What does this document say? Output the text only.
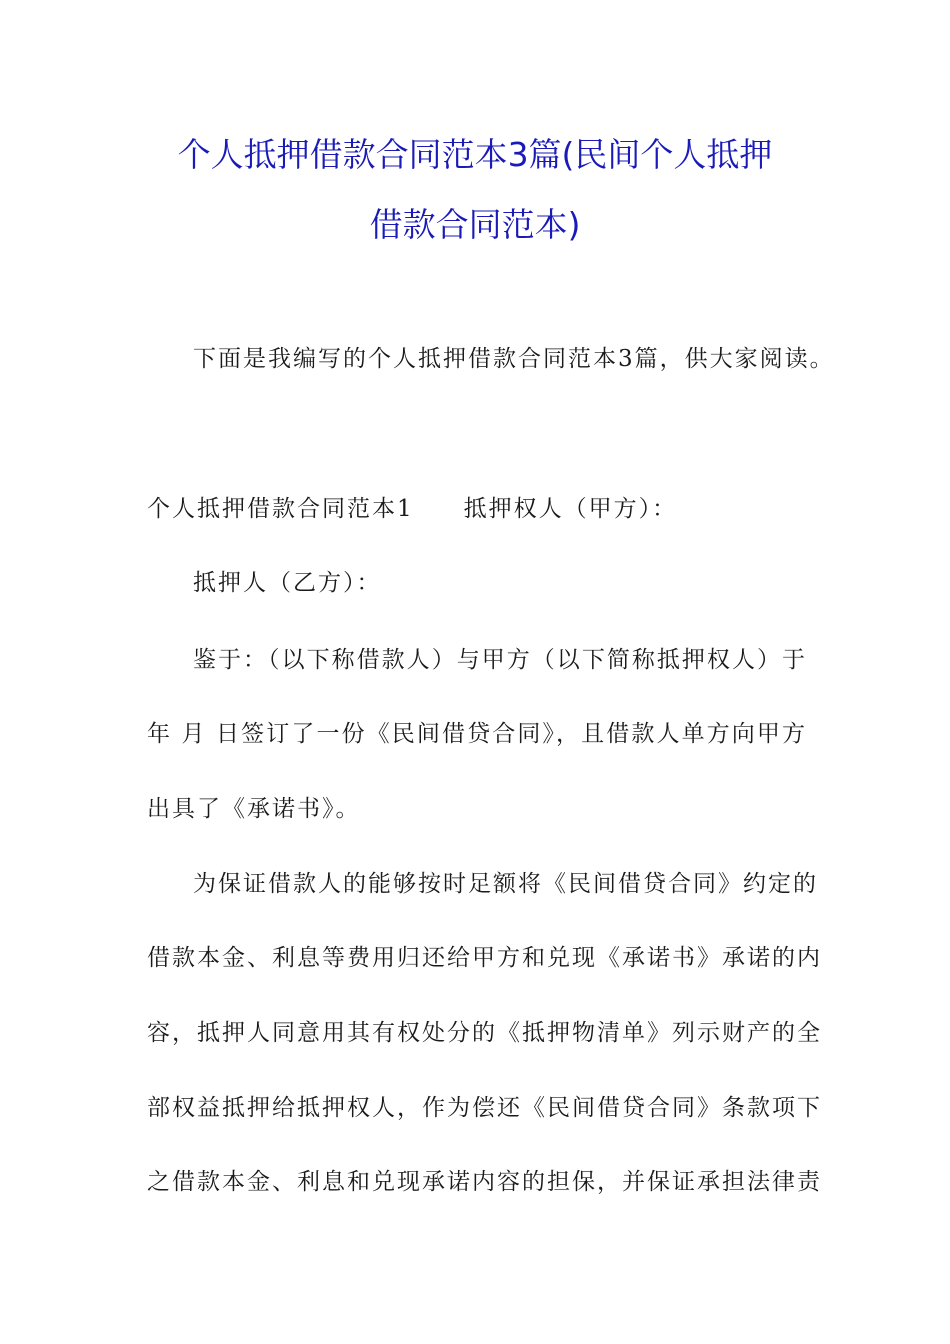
个人抵押借款合同范本3篇(民间个人抵押
借款合同范本)
下面是我编写的个人抵押借款合同范本3篇，供大家阅读。
个人抵押借款合同范本1 抵押权人（甲方）：
抵押人（乙方）：
鉴于：（以下称借款人）与甲方（以下简称抵押权人）于
年 月 日签订了一份《民间借贷合同》，且借款人单方向甲方
出具了《承诺书》。
为保证借款人的能够按时足额将《民间借贷合同》约定的
借款本金、利息等费用归还给甲方和兑现《承诺书》承诺的内
容，抵押人同意用其有权处分的《抵押物清单》列示财产的全
部权益抵押给抵押权人，作为偿还《民间借贷合同》条款项下
之借款本金、利息和兑现承诺内容的担保，并保证承担法律责
